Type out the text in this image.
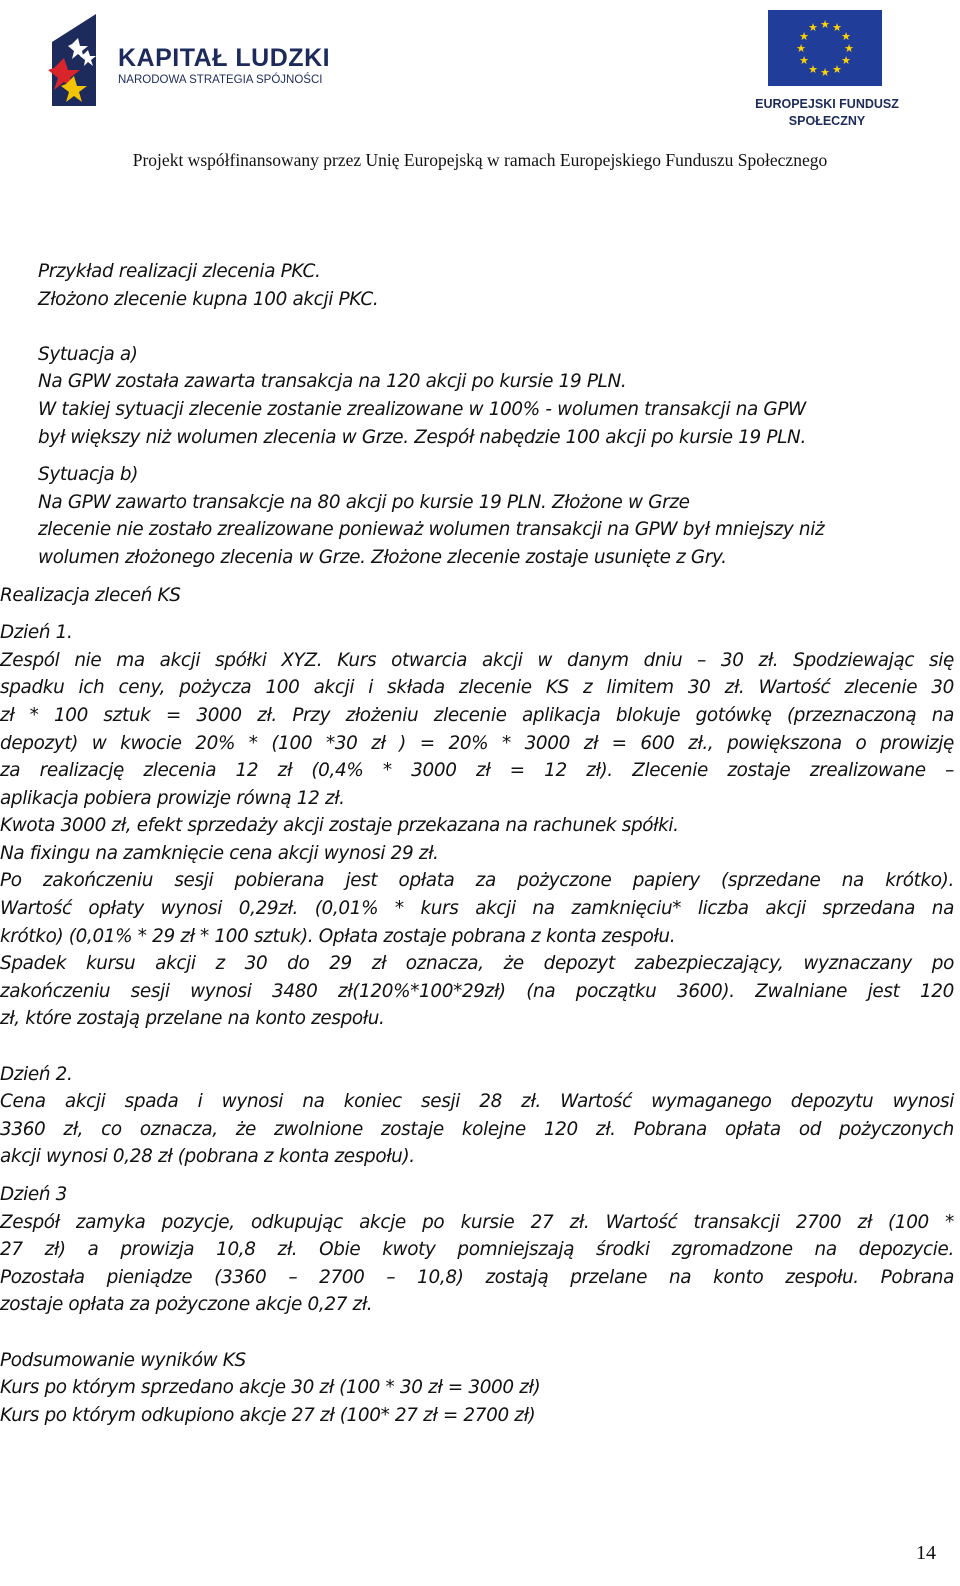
KAPITAŁ LUDZKI
NARODOWA STRATEGIA SPÓJNOŚCI
★ ★
★
★
★
★
★
★
★
★
★
★
EUROPEJSKI FUNDUSZ
SPOŁECZNY
Projekt współfinansowany przez Unię Europejską w ramach Europejskiego Funduszu Społecznego
Przykład realizacji zlecenia PKC.
Złożono zlecenie kupna 100 akcji PKC.
Sytuacja a)
Na GPW została zawarta transakcja na 120 akcji po kursie 19 PLN.
W takiej sytuacji zlecenie zostanie zrealizowane w 100% - wolumen transakcji na GPW
był większy niż wolumen zlecenia w Grze. Zespół nabędzie 100 akcji po kursie 19 PLN.
Sytuacja b)
Na GPW zawarto transakcje na 80 akcji po kursie 19 PLN. Złożone w Grze
zlecenie nie zostało zrealizowane ponieważ wolumen transakcji na GPW był mniejszy niż
wolumen złożonego zlecenia w Grze. Złożone zlecenie zostaje usunięte z Gry.
Realizacja zleceń KS
Dzień 1.
Zespól nie ma akcji spółki XYZ. Kurs otwarcia akcji w danym dniu – 30 zł. Spodziewając się
spadku ich ceny, pożycza 100 akcji i składa zlecenie KS z limitem 30 zł. Wartość zlecenie 30
zł * 100 sztuk = 3000 zł. Przy złożeniu zlecenie aplikacja blokuje gotówkę (przeznaczoną na
depozyt) w kwocie 20% * (100 *30 zł ) = 20% * 3000 zł = 600 zł., powiększona o prowizję
za realizację zlecenia 12 zł (0,4% * 3000 zł = 12 zł). Zlecenie zostaje zrealizowane –
aplikacja pobiera prowizje równą 12 zł.
Kwota 3000 zł, efekt sprzedaży akcji zostaje przekazana na rachunek spółki.
Na fixingu na zamknięcie cena akcji wynosi 29 zł.
Po zakończeniu sesji pobierana jest opłata za pożyczone papiery (sprzedane na krótko).
Wartość opłaty wynosi 0,29zł. (0,01% * kurs akcji na zamknięciu* liczba akcji sprzedana na
krótko) (0,01% * 29 zł * 100 sztuk). Opłata zostaje pobrana z konta zespołu.
Spadek kursu akcji z 30 do 29 zł oznacza, że depozyt zabezpieczający, wyznaczany po
zakończeniu sesji wynosi 3480 zł(120%*100*29zł) (na początku 3600). Zwalniane jest 120
zł, które zostają przelane na konto zespołu.
Dzień 2.
Cena akcji spada i wynosi na koniec sesji 28 zł. Wartość wymaganego depozytu wynosi
3360 zł, co oznacza, że zwolnione zostaje kolejne 120 zł. Pobrana opłata od pożyczonych
akcji wynosi 0,28 zł (pobrana z konta zespołu).
Dzień 3
Zespół zamyka pozycje, odkupując akcje po kursie 27 zł. Wartość transakcji 2700 zł (100 *
27 zł) a prowizja 10,8 zł. Obie kwoty pomniejszają środki zgromadzone na depozycie.
Pozostała pieniądze (3360 – 2700 – 10,8) zostają przelane na konto zespołu. Pobrana
zostaje opłata za pożyczone akcje 0,27 zł.
Podsumowanie wyników KS
Kurs po którym sprzedano akcje 30 zł (100 * 30 zł = 3000 zł)
Kurs po którym odkupiono akcje 27 zł (100* 27 zł = 2700 zł)
14
